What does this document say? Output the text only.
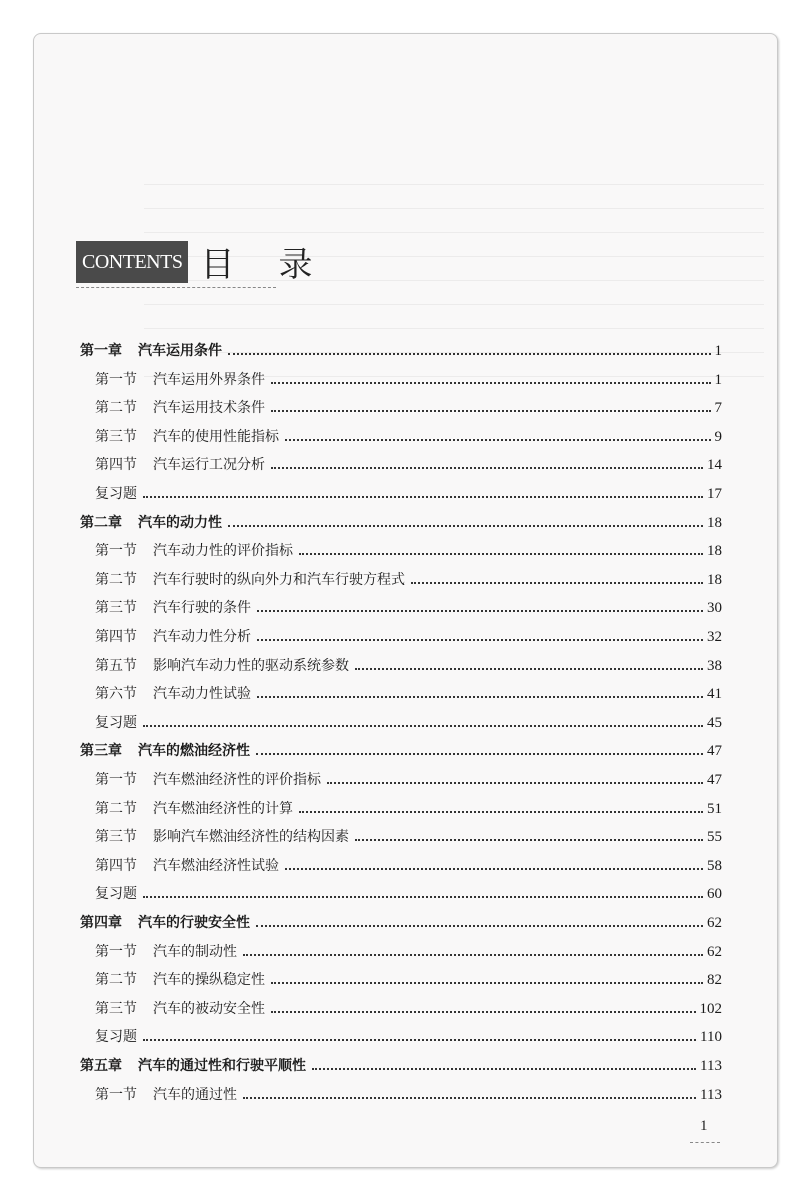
CONTENTS 目录
第一章 汽车运用条件	1
第一节 汽车运用外界条件	1
第二节 汽车运用技术条件	7
第三节 汽车的使用性能指标	9
第四节 汽车运行工况分析	14
复习题	17
第二章 汽车的动力性	18
第一节 汽车动力性的评价指标	18
第二节 汽车行驶时的纵向外力和汽车行驶方程式	18
第三节 汽车行驶的条件	30
第四节 汽车动力性分析	32
第五节 影响汽车动力性的驱动系统参数	38
第六节 汽车动力性试验	41
复习题	45
第三章 汽车的燃油经济性	47
第一节 汽车燃油经济性的评价指标	47
第二节 汽车燃油经济性的计算	51
第三节 影响汽车燃油经济性的结构因素	55
第四节 汽车燃油经济性试验	58
复习题	60
第四章 汽车的行驶安全性	62
第一节 汽车的制动性	62
第二节 汽车的操纵稳定性	82
第三节 汽车的被动安全性	102
复习题	110
第五章 汽车的通过性和行驶平顺性	113
第一节 汽车的通过性	113
1
